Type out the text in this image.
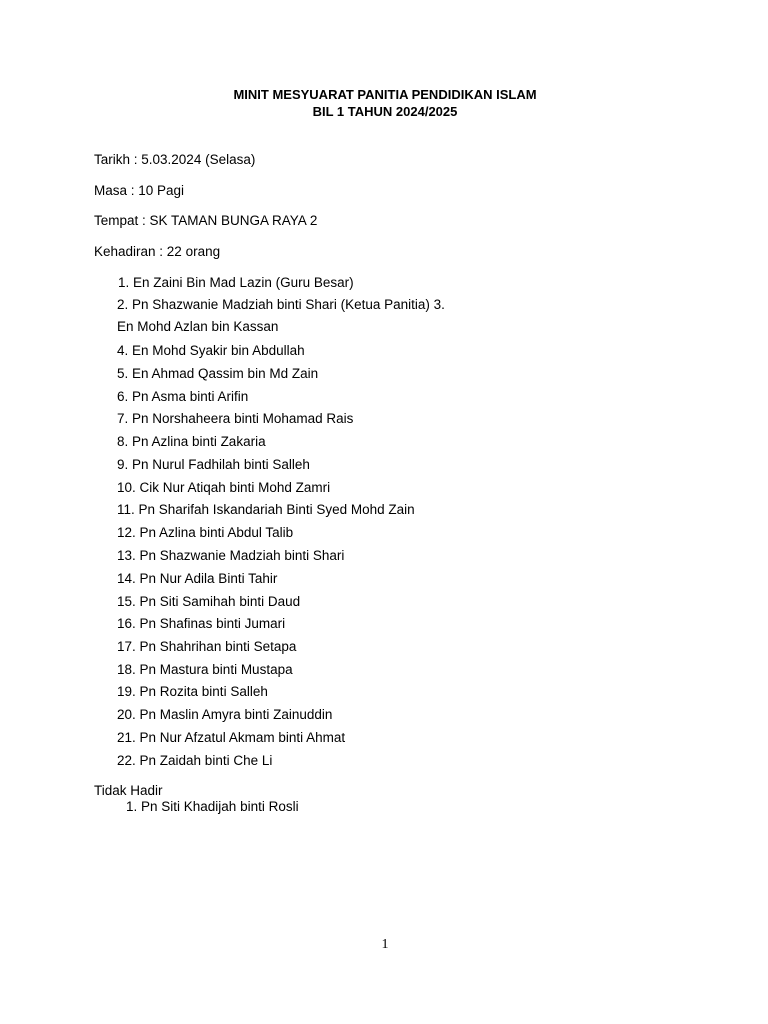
MINIT MESYUARAT PANITIA PENDIDIKAN ISLAM
BIL 1 TAHUN 2024/2025
Tarikh : 5.03.2024 (Selasa)
Masa : 10 Pagi
Tempat : SK TAMAN BUNGA RAYA 2
Kehadiran : 22 orang
1. En Zaini Bin Mad Lazin (Guru Besar)
2. Pn Shazwanie Madziah binti Shari (Ketua Panitia) 3.
En Mohd Azlan bin Kassan
4. En Mohd Syakir bin Abdullah
5. En Ahmad Qassim bin Md Zain
6. Pn Asma binti Arifin
7. Pn Norshaheera binti Mohamad Rais
8. Pn Azlina binti Zakaria
9. Pn Nurul Fadhilah binti Salleh
10. Cik Nur Atiqah binti Mohd Zamri
11. Pn Sharifah Iskandariah Binti Syed Mohd Zain
12. Pn Azlina binti Abdul Talib
13. Pn Shazwanie Madziah binti Shari
14. Pn Nur Adila Binti Tahir
15. Pn Siti Samihah binti Daud
16. Pn Shafinas binti Jumari
17. Pn Shahrihan binti Setapa
18. Pn Mastura binti Mustapa
19. Pn Rozita binti Salleh
20. Pn Maslin Amyra binti Zainuddin
21. Pn Nur Afzatul Akmam binti Ahmat
22. Pn Zaidah binti Che Li
Tidak Hadir
1. Pn Siti Khadijah binti Rosli
1
